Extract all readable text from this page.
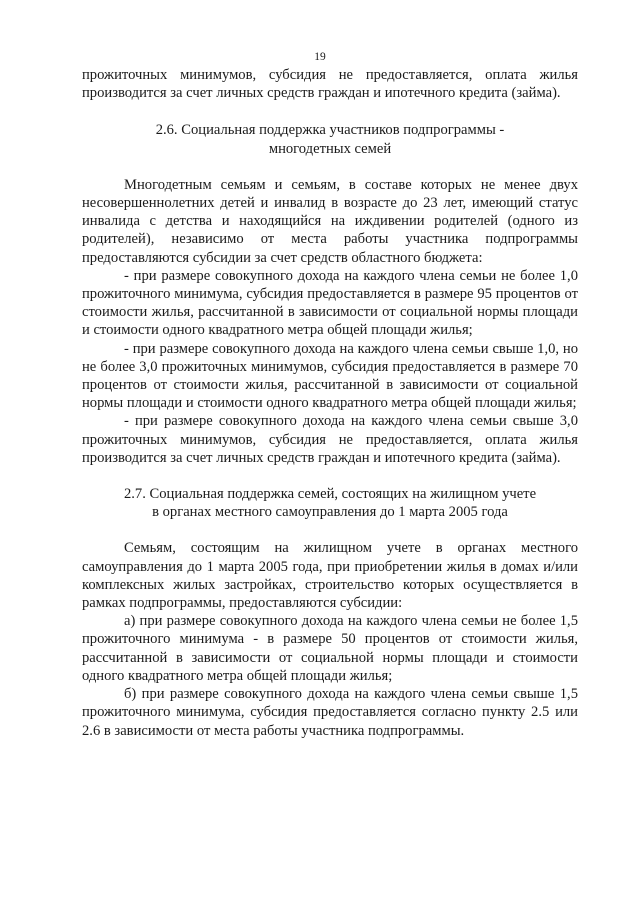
19

прожиточных минимумов, субсидия не предоставляется, оплата жилья производится за счет личных средств граждан и ипотечного кредита (займа).

2.6. Социальная поддержка участников подпрограммы -

многодетных семей

Многодетным семьям и семьям, в составе которых не менее двух несовершеннолетних детей и инвалид в возрасте до 23 лет, имеющий статус инвалида с детства и находящийся на иждивении родителей (одного из родителей), независимо от места работы участника подпрограммы предоставляются субсидии за счет средств областного бюджета:

- при размере совокупного дохода на каждого члена семьи не более 1,0 прожиточного минимума, субсидия предоставляется в размере 95 процентов от стоимости жилья, рассчитанной в зависимости от социальной нормы площади и стоимости одного квадратного метра общей площади жилья;

- при размере совокупного дохода на каждого члена семьи свыше 1,0, но не более 3,0 прожиточных минимумов, субсидия предоставляется в размере 70 процентов от стоимости жилья, рассчитанной в зависимости от социальной нормы площади и стоимости одного квадратного метра общей площади жилья;

- при размере совокупного дохода на каждого члена семьи свыше 3,0 прожиточных минимумов, субсидия не предоставляется, оплата жилья производится за счет личных средств граждан и ипотечного кредита (займа).

2.7. Социальная поддержка семей, состоящих на жилищном учете

в органах местного самоуправления до 1 марта 2005 года

Семьям, состоящим на жилищном учете в органах местного самоуправления до 1 марта 2005 года, при приобретении жилья в домах и/или комплексных жилых застройках, строительство которых осуществляется в рамках подпрограммы, предоставляются субсидии:

а) при размере совокупного дохода на каждого члена семьи не более 1,5 прожиточного минимума - в размере 50 процентов от стоимости жилья, рассчитанной в зависимости от социальной нормы площади и стоимости одного квадратного метра общей площади жилья;

б) при размере совокупного дохода на каждого члена семьи свыше 1,5 прожиточного минимума, субсидия предоставляется согласно пункту 2.5 или 2.6 в зависимости от места работы участника подпрограммы.
